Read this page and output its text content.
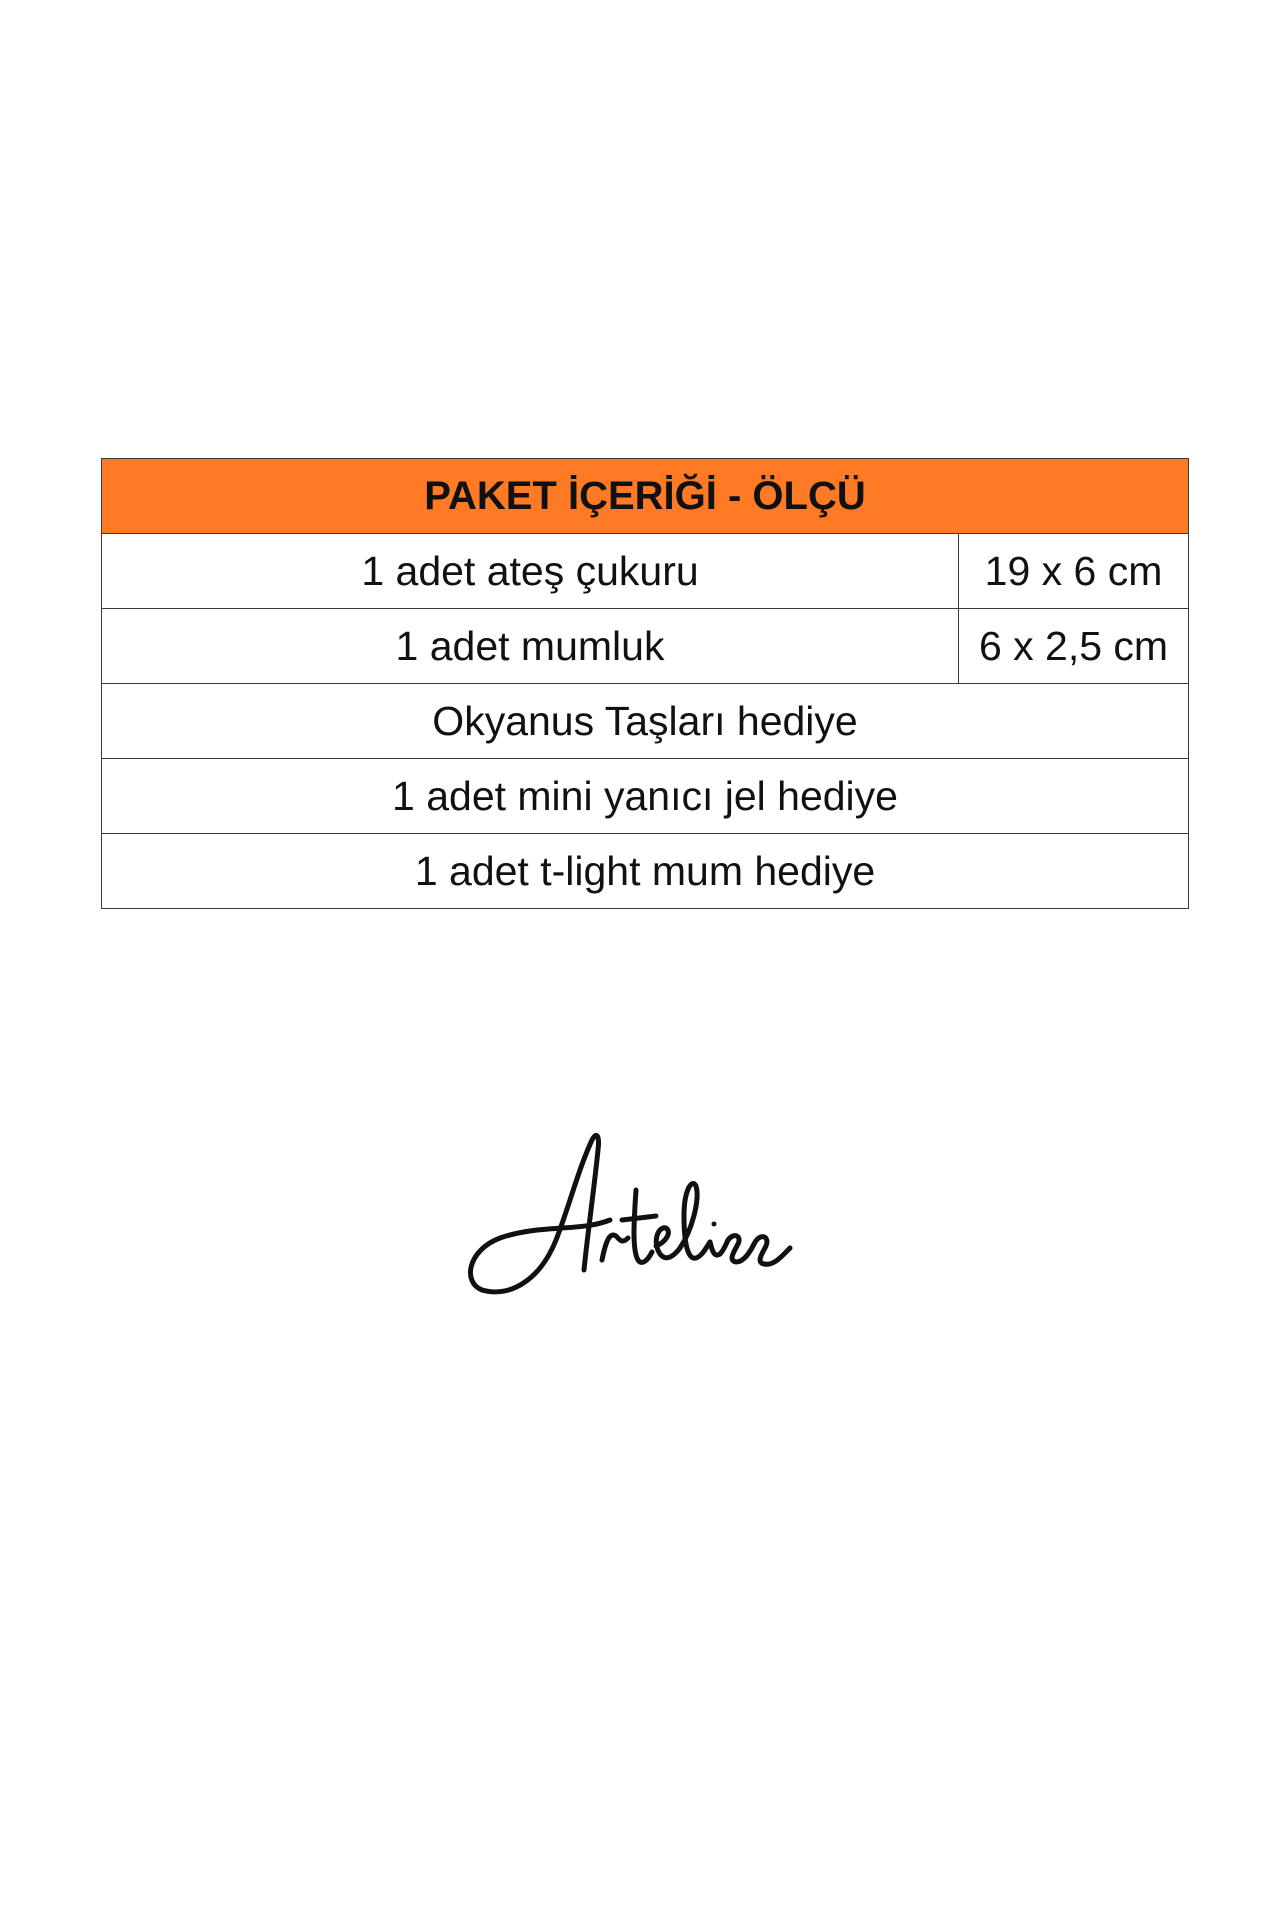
PAKET İÇERİĞİ - ÖLÇÜ	
1 adet ateş çukuru	19 x 6 cm
1 adet mumluk	6 x 2,5 cm
Okyanus Taşları hediye	
1 adet mini yanıcı jel hediye	
1 adet t-light mum hediye	
